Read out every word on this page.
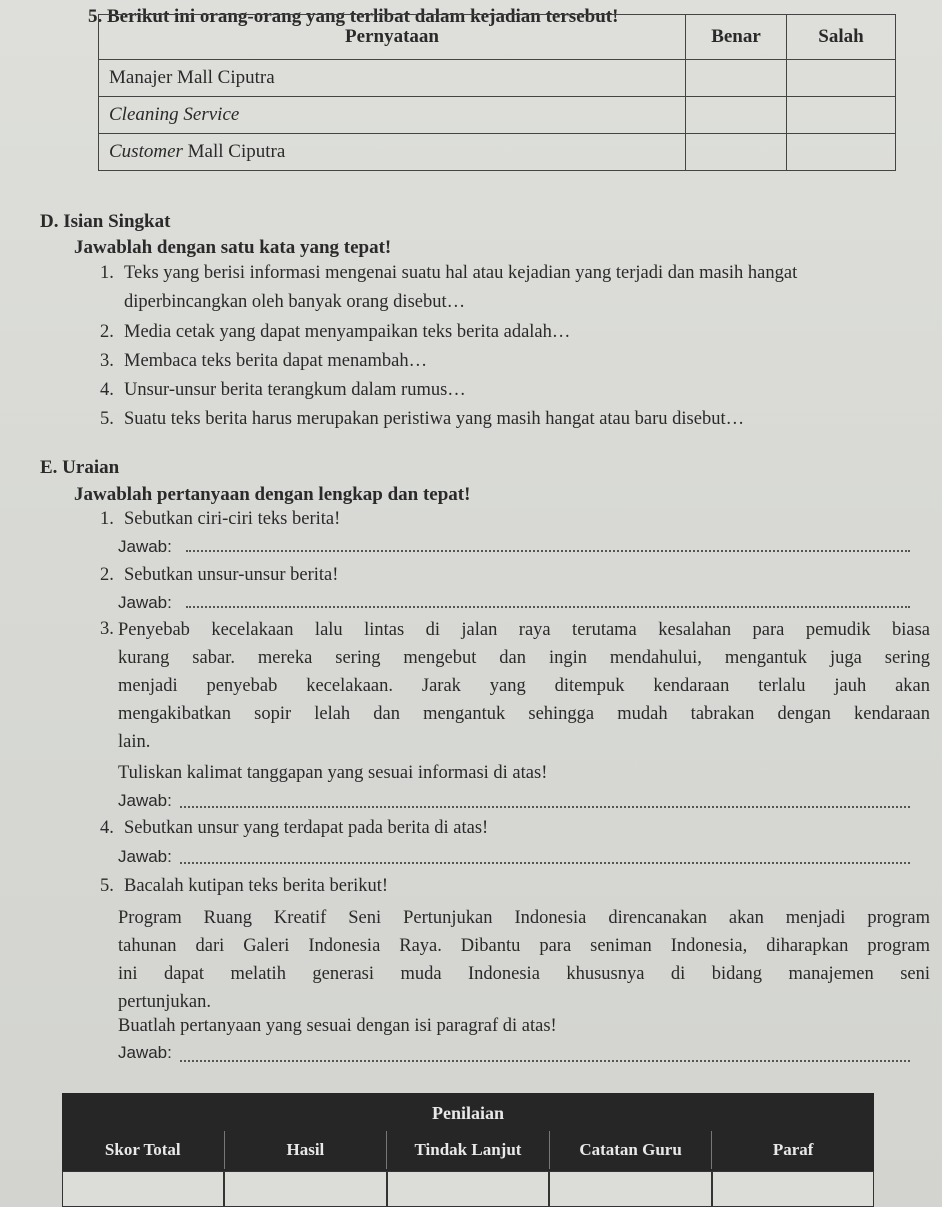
5. Berikut ini orang-orang yang terlibat dalam kejadian tersebut!
Pernyataan	Benar	Salah
Manajer Mall Ciputra		
Cleaning Service		
Customer Mall Ciputra		
D. Isian Singkat
Jawablah dengan satu kata yang tepat!
1. Teks yang berisi informasi mengenai suatu hal atau kejadian yang terjadi dan masih hangat
diperbincangkan oleh banyak orang disebut…
2. Media cetak yang dapat menyampaikan teks berita adalah…
3. Membaca teks berita dapat menambah…
4. Unsur-unsur berita terangkum dalam rumus…
5. Suatu teks berita harus merupakan peristiwa yang masih hangat atau baru disebut…
E. Uraian
Jawablah pertanyaan dengan lengkap dan tepat!
1. Sebutkan ciri-ciri teks berita!
Jawab:
2. Sebutkan unsur-unsur berita!
Jawab:
3. Penyebab kecelakaan lalu lintas di jalan raya terutama kesalahan para pemudik biasa
kurang sabar. mereka sering mengebut dan ingin mendahului, mengantuk juga sering
menjadi penyebab kecelakaan. Jarak yang ditempuk kendaraan terlalu jauh akan
mengakibatkan sopir lelah dan mengantuk sehingga mudah tabrakan dengan kendaraan
lain.
Tuliskan kalimat tanggapan yang sesuai informasi di atas!
Jawab:
4. Sebutkan unsur yang terdapat pada berita di atas!
Jawab:
5. Bacalah kutipan teks berita berikut!
Program Ruang Kreatif Seni Pertunjukan Indonesia direncanakan akan menjadi program
tahunan dari Galeri Indonesia Raya. Dibantu para seniman Indonesia, diharapkan program
ini dapat melatih generasi muda Indonesia khususnya di bidang manajemen seni
pertunjukan.
Buatlah pertanyaan yang sesuai dengan isi paragraf di atas!
Jawab:
Penilaian
Skor Total	Hasil	Tindak Lanjut	Catatan Guru	Paraf
